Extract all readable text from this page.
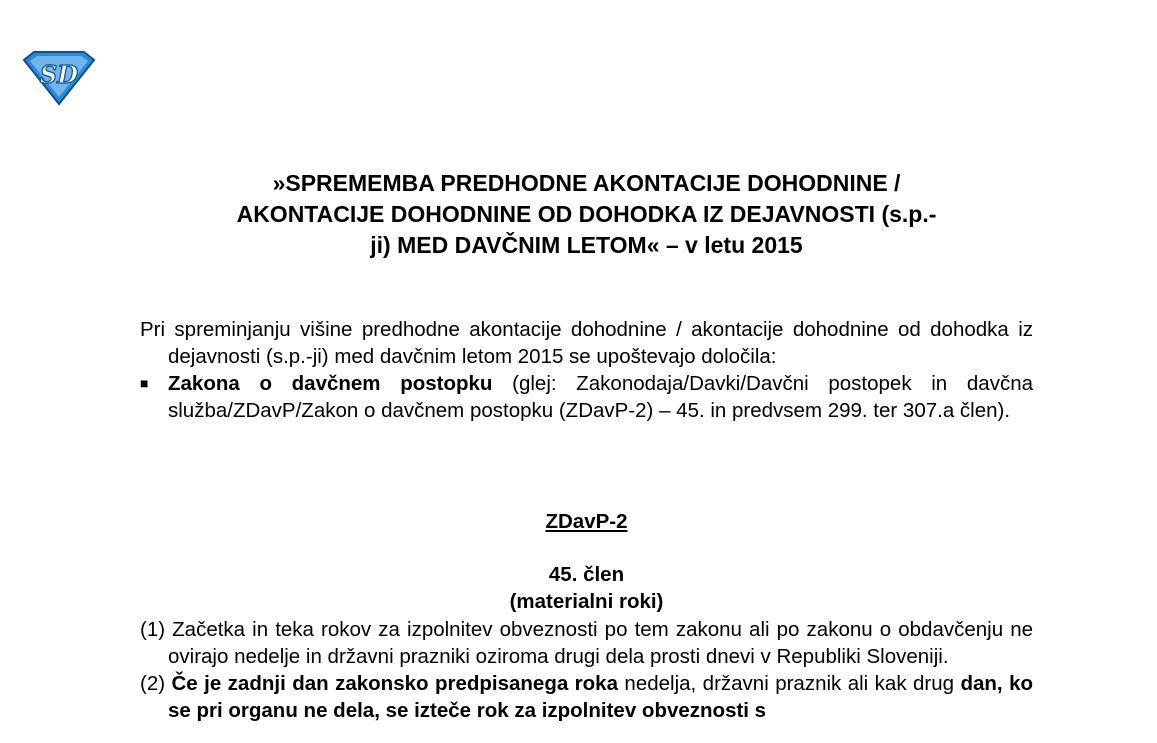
SD
»SPREMEMBA PREDHODNE AKONTACIJE DOHODNINE /
AKONTACIJE DOHODNINE OD DOHODKA IZ DEJAVNOSTI (s.p.-
ji) MED DAVČNIM LETOM« – v letu 2015
Pri spreminjanju višine predhodne akontacije dohodnine / akontacije dohodnine od dohodka iz dejavnosti (s.p.-ji) med davčnim letom 2015 se upoštevajo določila:
■ Zakona o davčnem postopku (glej: Zakonodaja/Davki/Davčni postopek in davčna služba/ZDavP/Zakon o davčnem postopku (ZDavP-2) – 45. in predvsem 299. ter 307.a člen).
ZDavP-2
45. člen
(materialni roki)
(1) Začetka in teka rokov za izpolnitev obveznosti po tem zakonu ali po zakonu o obdavčenju ne ovirajo nedelje in državni prazniki oziroma drugi dela prosti dnevi v Republiki Sloveniji.
(2) Če je zadnji dan zakonsko predpisanega roka nedelja, državni praznik ali kak drug dan, ko se pri organu ne dela, se izteče rok za izpolnitev obveznosti s
